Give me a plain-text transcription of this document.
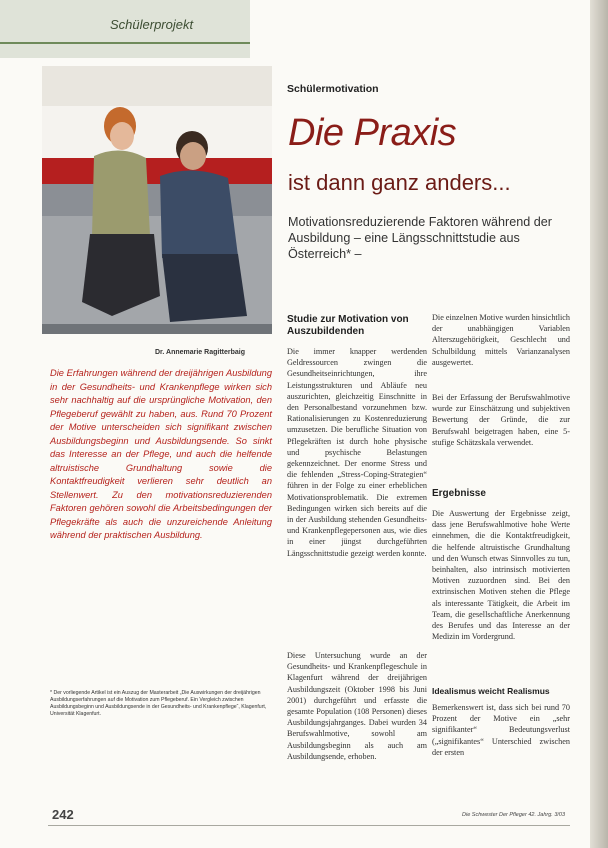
Schülerprojekt
Schülermotivation
Die Praxis
ist dann ganz anders...
Motivationsreduzierende Faktoren während der Ausbildung – eine Längsschnittstudie aus Österreich* –
Dr. Annemarie Ragitterbaig
Die Erfahrungen während der dreijährigen Ausbildung in der Gesundheits- und Krankenpflege wirken sich sehr nachhaltig auf die ursprüngliche Motivation, den Pflegeberuf gewählt zu haben, aus. Rund 70 Prozent der Motive unterscheiden sich signifikant zwischen Ausbildungsbeginn und Ausbildungsende. So sinkt das Interesse an der Pflege, und auch die helfende altruistische Grundhaltung sowie die Kontaktfreudigkeit verlieren sehr deutlich an Stellenwert. Zu den motivationsreduzierenden Faktoren gehören sowohl die Arbeitsbedingungen der Pflegekräfte als auch die unzureichende Anleitung während der praktischen Ausbildung.
* Der vorliegende Artikel ist ein Auszug der Masterarbeit „Die Auswirkungen der dreijährigen Ausbildungserfahrungen auf die Motivation zum Pflegeberuf. Ein Vergleich zwischen Ausbildungsbeginn und Ausbildungsende in der Gesundheits- und Krankenpflege“, Klagenfurt, Universität Klagenfurt.
Studie zur Motivation von Auszubildenden
Die immer knapper werdenden Geldressourcen zwingen die Gesundheitseinrichtungen, ihre Leistungsstrukturen und Abläufe neu auszurichten, gleichzeitig Einschnitte in den Personalbestand vorzunehmen bzw. Rationalisierungen zu Kostenreduzierung umzusetzen. Die berufliche Situation von Pflegekräften ist durch hohe physische und psychische Belastungen gekennzeichnet. Der enorme Stress und die fehlenden „Stress-Coping-Strategien“ führen in der Folge zu einer erheblichen Motivationsproblematik. Die extremen Bedingungen wirken sich bereits auf die in der Ausbildung stehenden Gesundheits- und Krankenpflegepersonen aus, wie dies in einer jüngst durchgeführten Längsschnittstudie gezeigt werden konnte.
Diese Untersuchung wurde an der Gesundheits- und Krankenpflegeschule in Klagenfurt während der dreijährigen Ausbildungszeit (Oktober 1998 bis Juni 2001) durchgeführt und erfasste die gesamte Population (108 Personen) dieses Ausbildungsjahrganges. Dabei wurden 34 Berufswahlmotive, sowohl am Ausbildungsbeginn als auch am Ausbildungsende, erhoben.
Die einzelnen Motive wurden hinsichtlich der unabhängigen Variablen Alterszugehörigkeit, Geschlecht und Schulbildung mittels Varianzanalysen ausgewertet.
Bei der Erfassung der Berufswahlmotive wurde zur Einschätzung und subjektiven Bewertung der Gründe, die zur Berufswahl beigetragen haben, eine 5-stufige Schätzskala verwendet.
Ergebnisse
Die Auswertung der Ergebnisse zeigt, dass jene Berufswahlmotive hohe Werte einnehmen, die die Kontaktfreudigkeit, die helfende altruistische Grundhaltung und den Wunsch etwas Sinnvolles zu tun, beinhalten, also intrinsisch motivierten Motiven zuzuordnen sind. Bei den extrinsischen Motiven stehen die Pflege als interessante Tätigkeit, die Arbeit im Team, die gesellschaftliche Anerkennung des Berufes und das Interesse an der Medizin im Vordergrund.
Idealismus weicht Realismus
Bemerkenswert ist, dass sich bei rund 70 Prozent der Motive ein „sehr signifikanter“ Bedeutungsverlust („signifikantes“ Unterschied zwischen der ersten
242	Die Schwester Der Pfleger 42. Jahrg. 3/03
